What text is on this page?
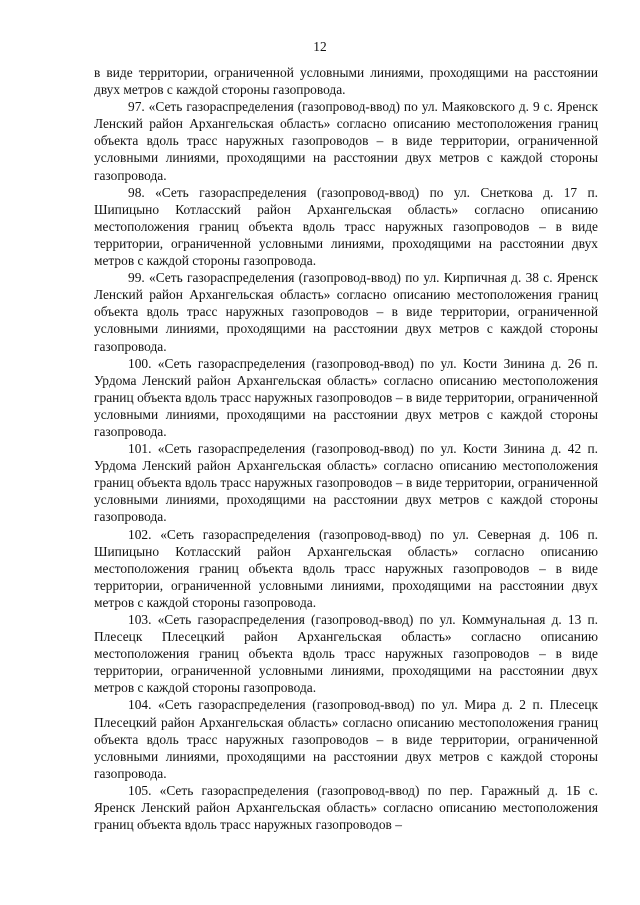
12

в виде территории, ограниченной условными линиями, проходящими на расстоянии двух метров с каждой стороны газопровода.

97. «Сеть газораспределения (газопровод-ввод) по ул. Маяковского д. 9 с. Яренск Ленский район Архангельская область» согласно описанию местоположения границ объекта вдоль трасс наружных газопроводов – в виде территории, ограниченной условными линиями, проходящими на расстоянии двух метров с каждой стороны газопровода.

98. «Сеть газораспределения (газопровод-ввод) по ул. Снеткова д. 17 п. Шипицыно Котласский район Архангельская область» согласно описанию местоположения границ объекта вдоль трасс наружных газопроводов – в виде территории, ограниченной условными линиями, проходящими на расстоянии двух метров с каждой стороны газопровода.

99. «Сеть газораспределения (газопровод-ввод) по ул. Кирпичная д. 38 с. Яренск Ленский район Архангельская область» согласно описанию местоположения границ объекта вдоль трасс наружных газопроводов – в виде территории, ограниченной условными линиями, проходящими на расстоянии двух метров с каждой стороны газопровода.

100. «Сеть газораспределения (газопровод-ввод) по ул. Кости Зинина д. 26 п. Урдома Ленский район Архангельская область» согласно описанию местоположения границ объекта вдоль трасс наружных газопроводов – в виде территории, ограниченной условными линиями, проходящими на расстоянии двух метров с каждой стороны газопровода.

101. «Сеть газораспределения (газопровод-ввод) по ул. Кости Зинина д. 42 п. Урдома Ленский район Архангельская область» согласно описанию местоположения границ объекта вдоль трасс наружных газопроводов – в виде территории, ограниченной условными линиями, проходящими на расстоянии двух метров с каждой стороны газопровода.

102. «Сеть газораспределения (газопровод-ввод) по ул. Северная д. 106 п. Шипицыно Котласский район Архангельская область» согласно описанию местоположения границ объекта вдоль трасс наружных газопроводов – в виде территории, ограниченной условными линиями, проходящими на расстоянии двух метров с каждой стороны газопровода.

103. «Сеть газораспределения (газопровод-ввод) по ул. Коммунальная д. 13 п. Плесецк Плесецкий район Архангельская область» согласно описанию местоположения границ объекта вдоль трасс наружных газопроводов – в виде территории, ограниченной условными линиями, проходящими на расстоянии двух метров с каждой стороны газопровода.

104. «Сеть газораспределения (газопровод-ввод) по ул. Мира д. 2 п. Плесецк Плесецкий район Архангельская область» согласно описанию местоположения границ объекта вдоль трасс наружных газопроводов – в виде территории, ограниченной условными линиями, проходящими на расстоянии двух метров с каждой стороны газопровода.

105. «Сеть газораспределения (газопровод-ввод) по пер. Гаражный д. 1Б с. Яренск Ленский район Архангельская область» согласно описанию местоположения границ объекта вдоль трасс наружных газопроводов –
